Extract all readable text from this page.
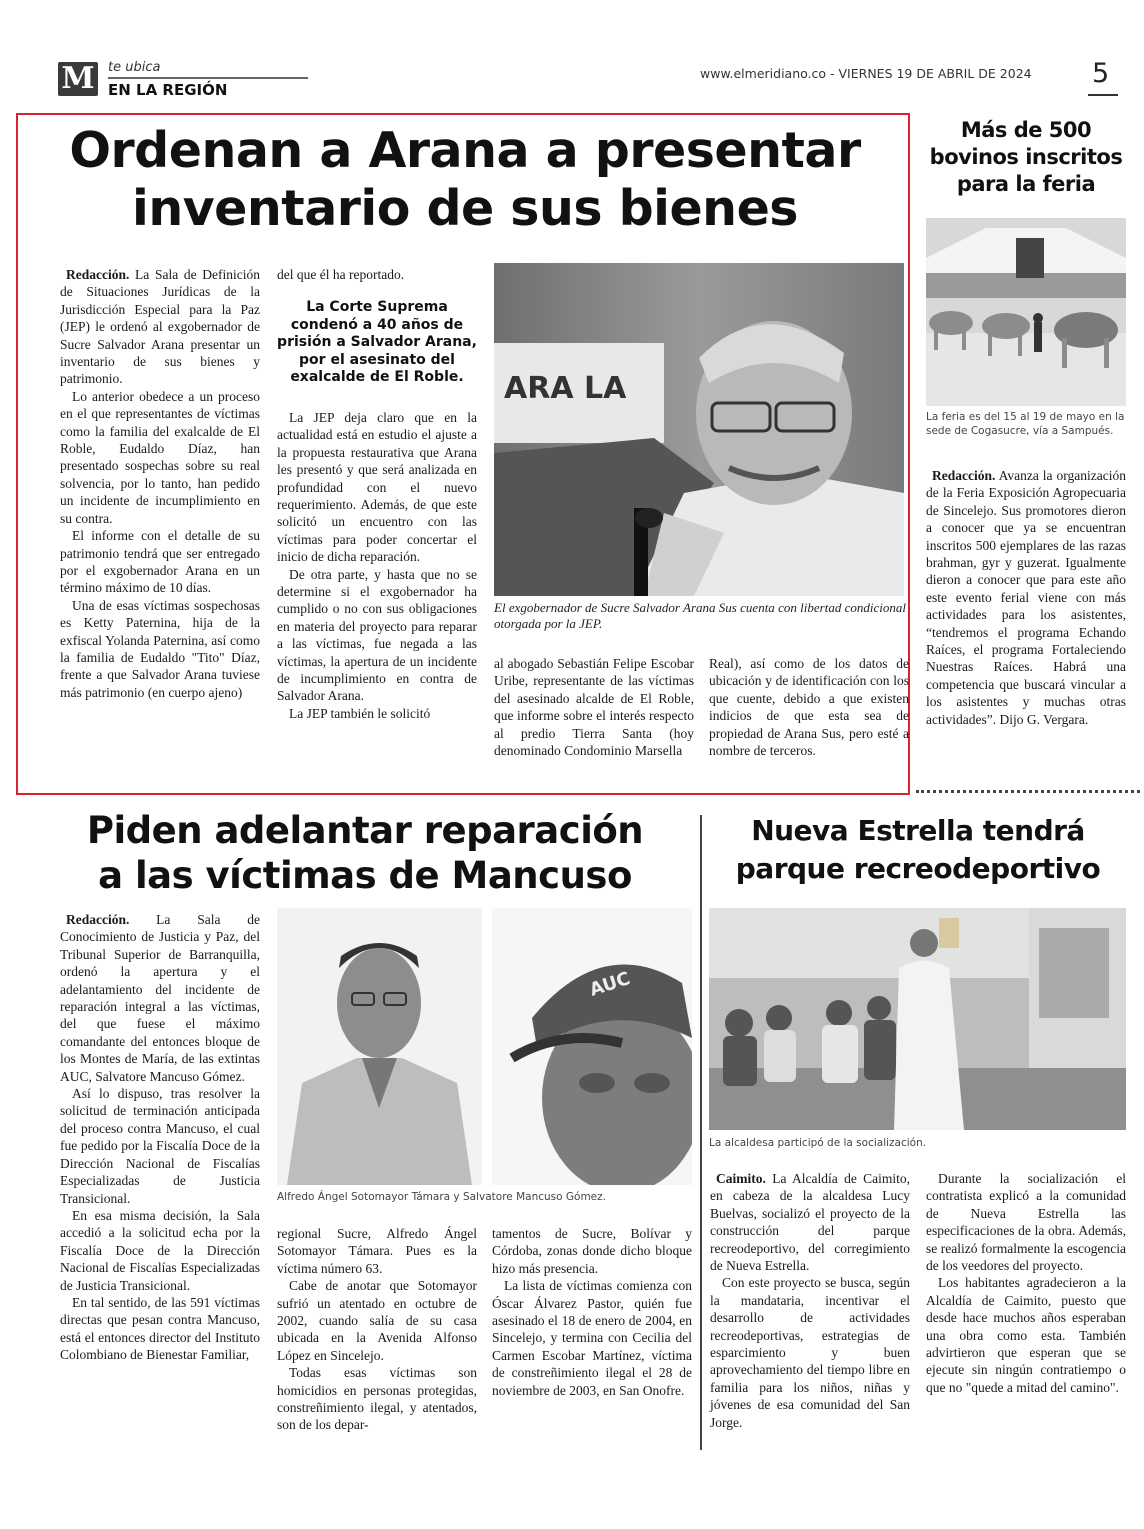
M te ubica
EN LA REGIÓN
www.elmeridiano.co - VIERNES 19 DE ABRIL DE 2024 5
Ordenan a Arana a presentar
inventario de sus bienes

Redacción. La Sala de Definición de Situaciones Jurídicas de la Jurisdicción Especial para la Paz (JEP) le ordenó al exgobernador de Sucre Salvador Arana presentar un inventario de sus bienes y patrimonio.

Lo anterior obedece a un proceso en el que representantes de víctimas como la familia del exalcalde de El Roble, Eudaldo Díaz, han presentado sospechas sobre su real solvencia, por lo tanto, han pedido un incidente de incumplimiento en su contra.

El informe con el detalle de su patrimonio tendrá que ser entregado por el exgobernador Arana en un término máximo de 10 días.

Una de esas víctimas sospechosas es Ketty Paternina, hija de la exfiscal Yolanda Paternina, así como la familia de Eudaldo "Tito" Díaz, frente a que Salvador Arana tuviese más patrimonio (en cuerpo ajeno)

del que él ha reportado.

La Corte Suprema condenó a 40 años de prisión a Salvador Arana, por el asesinato del exalcalde de El Roble.

La JEP deja claro que en la actualidad está en estudio el ajuste a la propuesta restaurativa que Arana les presentó y que será analizada en profundidad con el nuevo requerimiento. Además, de que este solicitó un encuentro con las víctimas para poder concertar el inicio de dicha reparación.

De otra parte, y hasta que no se determine si el exgobernador ha cumplido o no con sus obligaciones en materia del proyecto para reparar a las víctimas, fue negada a las víctimas, la apertura de un incidente de incumplimiento en contra de Salvador Arana.

La JEP también le solicitó

ARA LA
El exgobernador de Sucre Salvador Arana Sus cuenta con libertad condicional otorgada por la JEP.

al abogado Sebastián Felipe Escobar Uribe, representante de las víctimas del asesinado alcalde de El Roble, que informe sobre el interés respecto al predio Tierra Santa (hoy denominado Condominio Marsella

Real), así como de los datos de ubicación y de identificación con los que cuente, debido a que existen indicios de que esta sea de propiedad de Arana Sus, pero esté a nombre de terceros.

Más de 500 bovinos inscritos para la feria
La feria es del 15 al 19 de mayo en la sede de Cogasucre, vía a Sampués.

Redacción. Avanza la organización de la Feria Exposición Agropecuaria de Sincelejo. Sus promotores dieron a conocer que ya se encuentran inscritos 500 ejemplares de las razas brahman, gyr y guzerat. Igualmente dieron a conocer que para este año este evento ferial viene con más actividades para los asistentes, “tendremos el programa Echando Raíces, el programa Fortaleciendo Nuestras Raíces. Habrá una competencia que buscará vincular a los asistentes y muchas otras actividades”. Dijo G. Vergara.

Piden adelantar reparación
a las víctimas de Mancuso

Redacción. La Sala de Conocimiento de Justicia y Paz, del Tribunal Superior de Barranquilla, ordenó la apertura y el adelantamiento del incidente de reparación integral a las víctimas, del que fuese el máximo comandante del entonces bloque de los Montes de María, de las extintas AUC, Salvatore Mancuso Gómez.

Así lo dispuso, tras resolver la solicitud de terminación anticipada del proceso contra Mancuso, el cual fue pedido por la Fiscalía Doce de la Dirección Nacional de Fiscalías Especializadas de Justicia Transicional.

En esa misma decisión, la Sala accedió a la solicitud echa por la Fiscalía Doce de la Dirección Nacional de Fiscalías Especializadas de Justicia Transicional.

En tal sentido, de las 591 víctimas directas que pesan contra Mancuso, está el entonces director del Instituto Colombiano de Bienestar Familiar,

AUC
Alfredo Ángel Sotomayor Támara y Salvatore Mancuso Gómez.

regional Sucre, Alfredo Ángel Sotomayor Támara. Pues es la víctima número 63.

Cabe de anotar que Sotomayor sufrió un atentado en octubre de 2002, cuando salía de su casa ubicada en la Avenida Alfonso López en Sincelejo.

Todas esas víctimas son homicidios en personas protegidas, constreñimiento ilegal, y atentados, son de los depar-

tamentos de Sucre, Bolívar y Córdoba, zonas donde dicho bloque hizo más presencia.

La lista de víctimas comienza con Óscar Álvarez Pastor, quién fue asesinado el 18 de enero de 2004, en Sincelejo, y termina con Cecilia del Carmen Escobar Martínez, víctima de constreñimiento ilegal el 28 de noviembre de 2003, en San Onofre.

Nueva Estrella tendrá
parque recreodeportivo
La alcaldesa participó de la socialización.

Caimito. La Alcaldía de Caimito, en cabeza de la alcaldesa Lucy Buelvas, socializó el proyecto de la construcción del parque recreodeportivo, del corregimiento de Nueva Estrella.

Con este proyecto se busca, según la mandataria, incentivar el desarrollo de actividades recreodeportivas, estrategias de esparcimiento y buen aprovechamiento del tiempo libre en familia para los niños, niñas y jóvenes de esa comunidad del San Jorge.

Durante la socialización el contratista explicó a la comunidad de Nueva Estrella las especificaciones de la obra. Además, se realizó formalmente la escogencia de los veedores del proyecto.

Los habitantes agradecieron a la Alcaldía de Caimito, puesto que desde hace muchos años esperaban una obra como esta. También advirtieron que esperan que se ejecute sin ningún contratiempo o que no "quede a mitad del camino".
